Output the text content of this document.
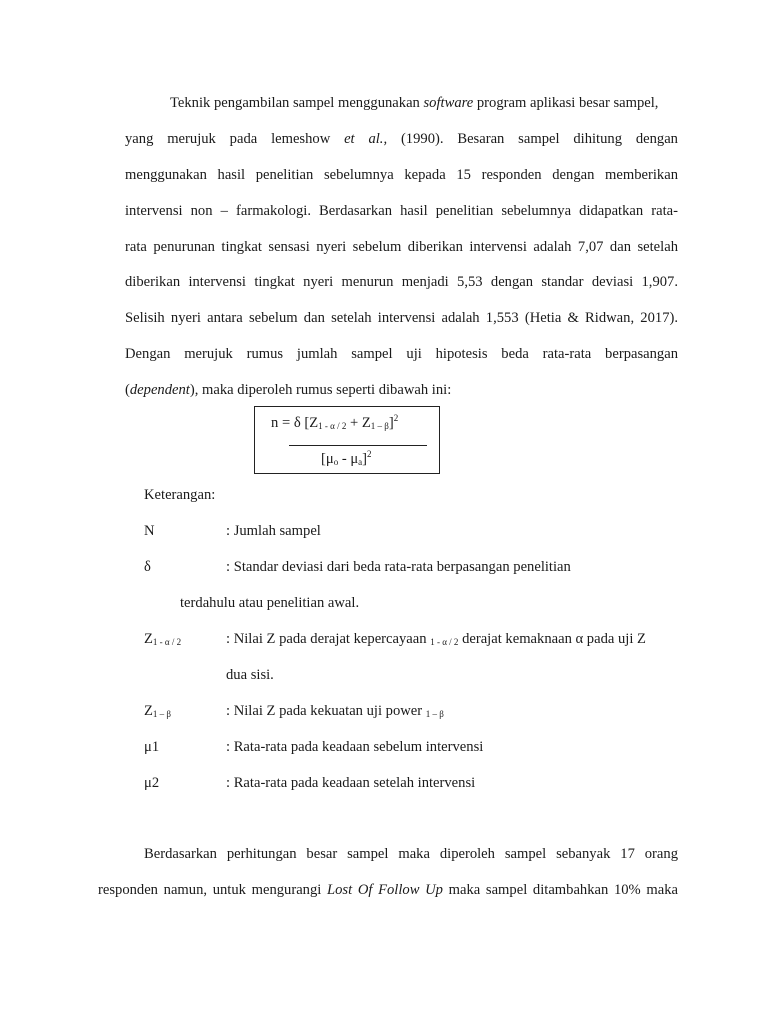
Teknik pengambilan sampel menggunakan software program aplikasi besar sampel,
yang merujuk pada lemeshow et al., (1990). Besaran sampel dihitung dengan
menggunakan hasil penelitian sebelumnya kepada 15 responden dengan memberikan
intervensi non – farmakologi. Berdasarkan hasil penelitian sebelumnya didapatkan rata-
rata penurunan tingkat sensasi nyeri sebelum diberikan intervensi adalah 7,07 dan setelah
diberikan intervensi tingkat nyeri menurun menjadi 5,53 dengan standar deviasi 1,907.
Selisih nyeri antara sebelum dan setelah intervensi adalah 1,553 (Hetia & Ridwan, 2017).
Dengan merujuk rumus jumlah sampel uji hipotesis beda rata-rata berpasangan
(dependent), maka diperoleh rumus seperti dibawah ini:
n = δ $[Z1 - \alpha / 2 + Z1 - \beta]^2$
[μo - μa]$^2$
Keterangan:
N	: Jumlah sampel
δ	: Standar deviasi dari beda rata-rata berpasangan penelitian
terdahulu atau penelitian awal.
Z1 - α / 2	: Nilai Z pada derajat kepercayaan 1 - α / 2 derajat kemaknaan α pada uji Z
dua sisi.
Z1 – β	: Nilai Z pada kekuatan uji power 1 – β
μ1	: Rata-rata pada keadaan sebelum intervensi
μ2	: Rata-rata pada keadaan setelah intervensi
Berdasarkan perhitungan besar sampel maka diperoleh sampel sebanyak 17 orang
responden namun, untuk mengurangi Lost Of Follow Up maka sampel ditambahkan 10% maka
